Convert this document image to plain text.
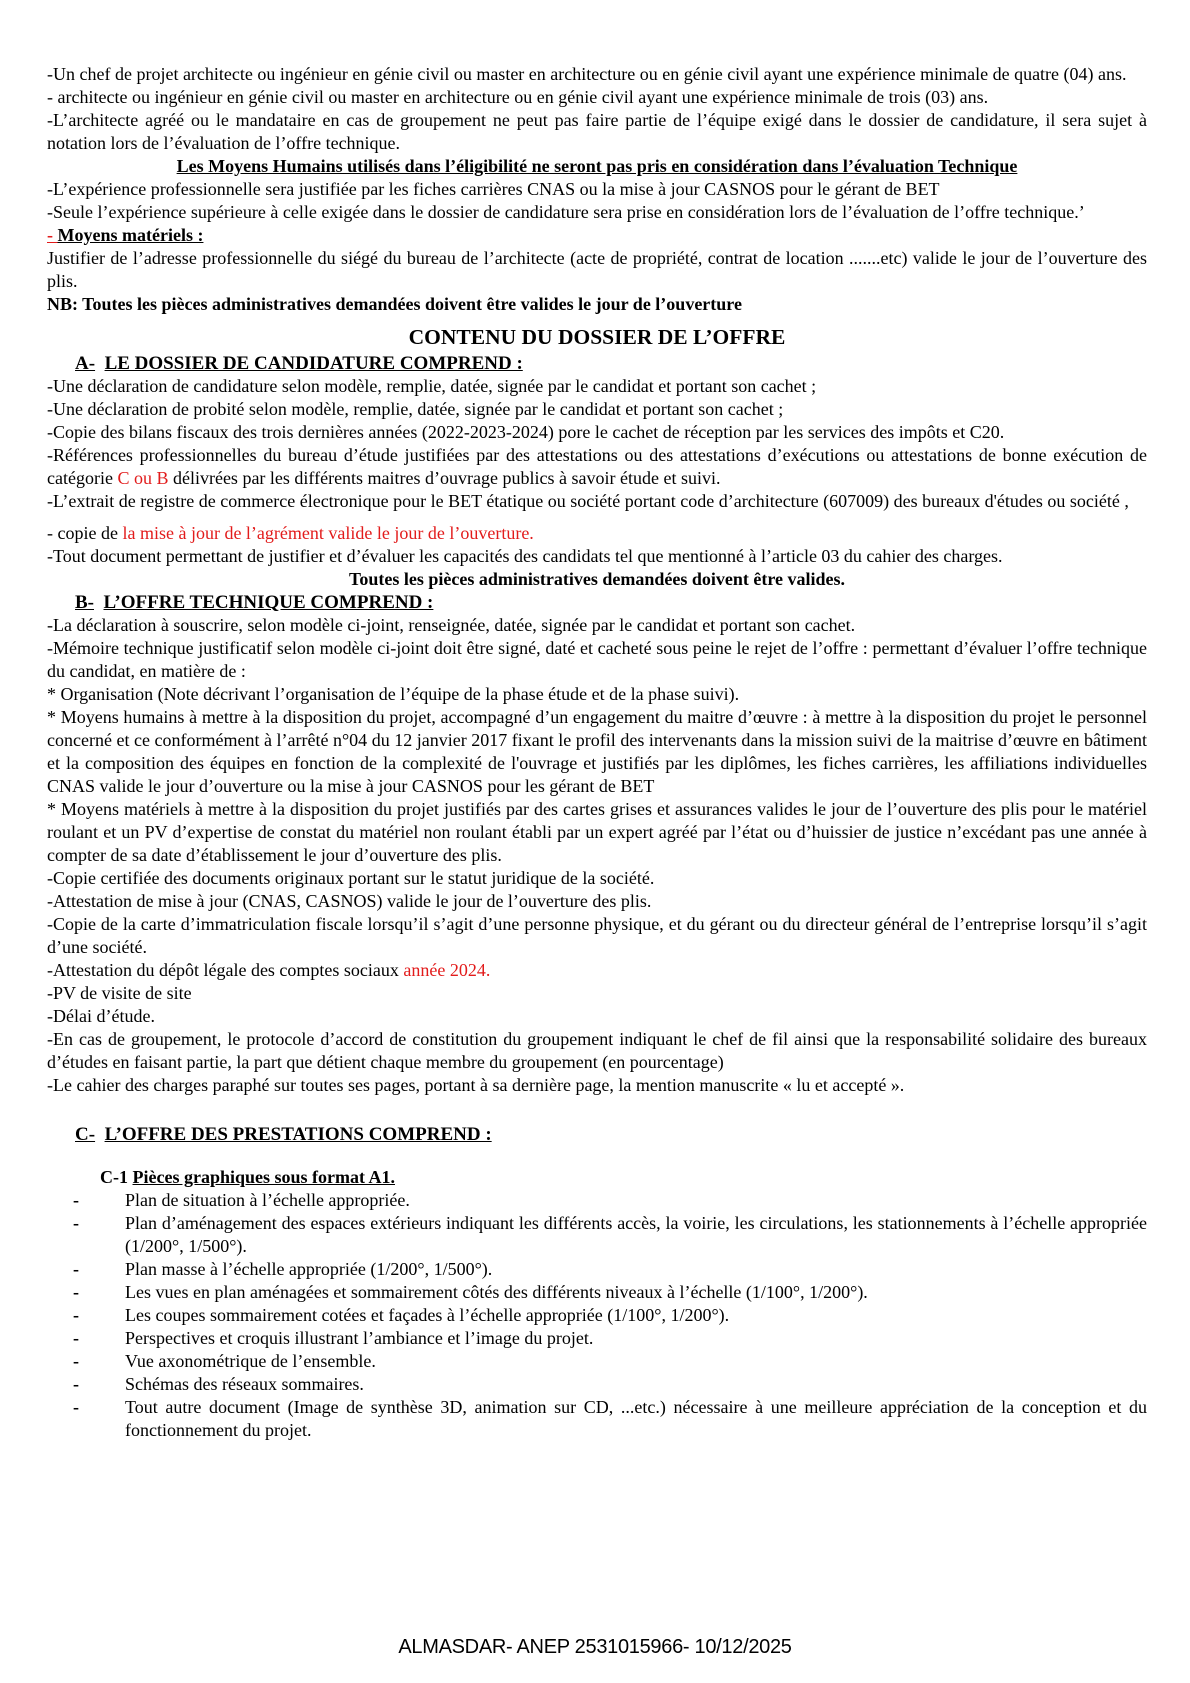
-Un chef de projet architecte ou ingénieur en génie civil ou master en architecture ou en génie civil ayant une expérience minimale de quatre (04) ans.

- architecte ou ingénieur en génie civil ou master en architecture ou en génie civil ayant une expérience minimale de trois (03) ans.

-L’architecte agréé ou le mandataire en cas de groupement ne peut pas faire partie de l’équipe exigé dans le dossier de candidature, il sera sujet à notation lors de l’évaluation de l’offre technique.

Les Moyens Humains utilisés dans l’éligibilité ne seront pas pris en considération dans l’évaluation Technique

-L’expérience professionnelle sera justifiée par les fiches carrières CNAS ou la mise à jour CASNOS pour le gérant de BET

-Seule l’expérience supérieure à celle exigée dans le dossier de candidature sera prise en considération lors de l’évaluation de l’offre technique.’

- Moyens matériels :

Justifier de l’adresse professionnelle du siégé du bureau de l’architecte (acte de propriété, contrat de location .......etc) valide le jour de l’ouverture des plis.

NB: Toutes les pièces administratives demandées doivent être valides le jour de l’ouverture

CONTENU DU DOSSIER DE L’OFFRE

A- LE DOSSIER DE CANDIDATURE COMPREND :

-Une déclaration de candidature selon modèle, remplie, datée, signée par le candidat et portant son cachet ;

-Une déclaration de probité selon modèle, remplie, datée, signée par le candidat et portant son cachet ;

-Copie des bilans fiscaux des trois dernières années (2022-2023-2024) pore le cachet de réception par les services des impôts et C20.

-Références professionnelles du bureau d’étude justifiées par des attestations ou des attestations d’exécutions ou attestations de bonne exécution de catégorie C ou B délivrées par les différents maitres d’ouvrage publics à savoir étude et suivi.

-L’extrait de registre de commerce électronique pour le BET étatique ou société portant code d’architecture (607009) des bureaux d'études ou société ,

- copie de la mise à jour de l’agrément valide le jour de l’ouverture.

-Tout document permettant de justifier et d’évaluer les capacités des candidats tel que mentionné à l’article 03 du cahier des charges.

Toutes les pièces administratives demandées doivent être valides.

B- L’OFFRE TECHNIQUE COMPREND :

-La déclaration à souscrire, selon modèle ci-joint, renseignée, datée, signée par le candidat et portant son cachet.

-Mémoire technique justificatif selon modèle ci-joint doit être signé, daté et cacheté sous peine le rejet de l’offre : permettant d’évaluer l’offre technique du candidat, en matière de :

* Organisation (Note décrivant l’organisation de l’équipe de la phase étude et de la phase suivi).

* Moyens humains à mettre à la disposition du projet, accompagné d’un engagement du maitre d’œuvre : à mettre à la disposition du projet le personnel concerné et ce conformément à l’arrêté n°04 du 12 janvier 2017 fixant le profil des intervenants dans la mission suivi de la maitrise d’œuvre en bâtiment et la composition des équipes en fonction de la complexité de l'ouvrage et justifiés par les diplômes, les fiches carrières, les affiliations individuelles CNAS valide le jour d’ouverture ou la mise à jour CASNOS pour les gérant de BET

* Moyens matériels à mettre à la disposition du projet justifiés par des cartes grises et assurances valides le jour de l’ouverture des plis pour le matériel roulant et un PV d’expertise de constat du matériel non roulant établi par un expert agréé par l’état ou d’huissier de justice n’excédant pas une année à compter de sa date d’établissement le jour d’ouverture des plis.

-Copie certifiée des documents originaux portant sur le statut juridique de la société.

-Attestation de mise à jour (CNAS, CASNOS) valide le jour de l’ouverture des plis.

-Copie de la carte d’immatriculation fiscale lorsqu’il s’agit d’une personne physique, et du gérant ou du directeur général de l’entreprise lorsqu’il s’agit d’une société.

-Attestation du dépôt légale des comptes sociaux année 2024.

-PV de visite de site

-Délai d’étude.

-En cas de groupement, le protocole d’accord de constitution du groupement indiquant le chef de fil ainsi que la responsabilité solidaire des bureaux d’études en faisant partie, la part que détient chaque membre du groupement (en pourcentage)

-Le cahier des charges paraphé sur toutes ses pages, portant à sa dernière page, la mention manuscrite « lu et accepté ».

C- L’OFFRE DES PRESTATIONS COMPREND :

C-1 Pièces graphiques sous format A1.

-	Plan de situation à l’échelle appropriée.

-	Plan d’aménagement des espaces extérieurs indiquant les différents accès, la voirie, les circulations, les stationnements à l’échelle appropriée (1/200°, 1/500°).

-	Plan masse à l’échelle appropriée (1/200°, 1/500°).

-	Les vues en plan aménagées et sommairement côtés des différents niveaux à l’échelle (1/100°, 1/200°).

-	Les coupes sommairement cotées et façades à l’échelle appropriée (1/100°, 1/200°).

-	Perspectives et croquis illustrant l’ambiance et l’image du projet.

-	Vue axonométrique de l’ensemble.

-	Schémas des réseaux sommaires.

-	Tout autre document (Image de synthèse 3D, animation sur CD, ...etc.) nécessaire à une meilleure appréciation de la conception et du fonctionnement du projet.

ALMASDAR- ANEP 2531015966- 10/12/2025
